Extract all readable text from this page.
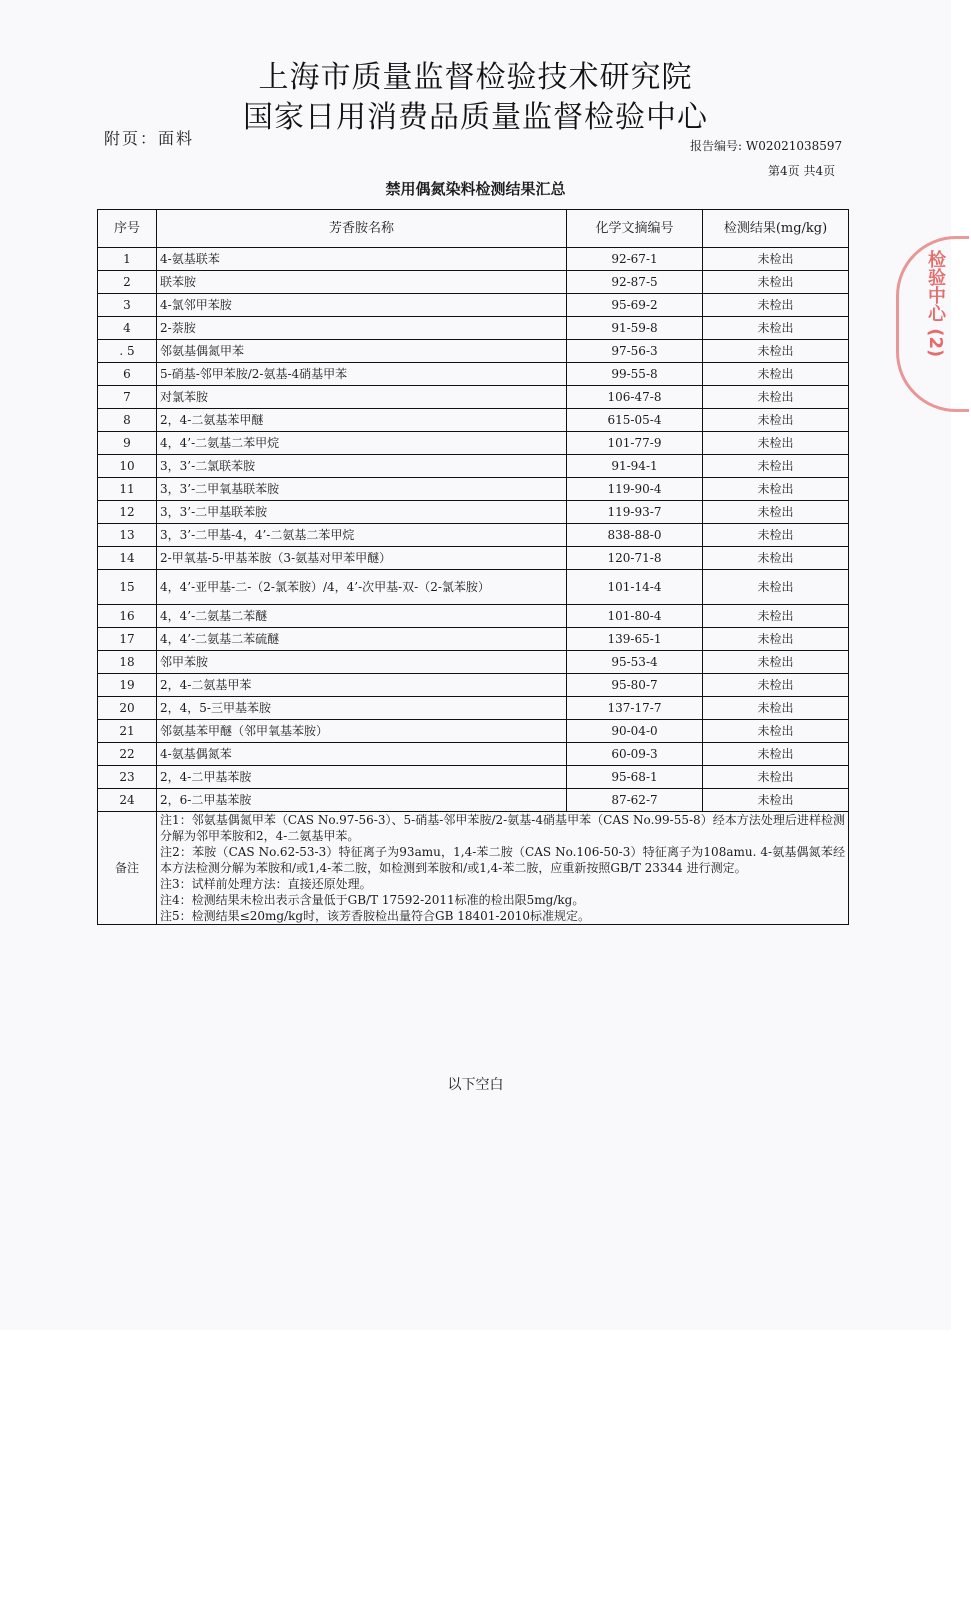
上海市质量监督检验技术研究院
国家日用消费品质量监督检验中心
附页：面料	报告编号: W02021038597
第4页 共4页
禁用偶氮染料检测结果汇总
序号	芳香胺名称	化学文摘编号	检测结果(mg/kg)
1	4-氨基联苯	92-67-1	未检出
2	联苯胺	92-87-5	未检出
3	4-氯邻甲苯胺	95-69-2	未检出
4	2-萘胺	91-59-8	未检出
. 5	邻氨基偶氮甲苯	97-56-3	未检出
6	5-硝基-邻甲苯胺/2-氨基-4硝基甲苯	99-55-8	未检出
7	对氯苯胺	106-47-8	未检出
8	2，4-二氨基苯甲醚	615-05-4	未检出
9	4，4’-二氨基二苯甲烷	101-77-9	未检出
10	3，3’-二氯联苯胺	91-94-1	未检出
11	3，3’-二甲氧基联苯胺	119-90-4	未检出
12	3，3’-二甲基联苯胺	119-93-7	未检出
13	3，3’-二甲基-4，4’-二氨基二苯甲烷	838-88-0	未检出
14	2-甲氧基-5-甲基苯胺（3-氨基对甲苯甲醚）	120-71-8	未检出
15	4，4’-亚甲基-二-（2-氯苯胺）/4，4’-次甲基-双-（2-氯苯胺）	101-14-4	未检出
16	4，4’-二氨基二苯醚	101-80-4	未检出
17	4，4’-二氨基二苯硫醚	139-65-1	未检出
18	邻甲苯胺	95-53-4	未检出
19	2，4-二氨基甲苯	95-80-7	未检出
20	2，4，5-三甲基苯胺	137-17-7	未检出
21	邻氨基苯甲醚（邻甲氧基苯胺）	90-04-0	未检出
22	4-氨基偶氮苯	60-09-3	未检出
23	2，4-二甲基苯胺	95-68-1	未检出
24	2，6-二甲基苯胺	87-62-7	未检出
备注	注1：邻氨基偶氮甲苯（CAS No.97-56-3）、5-硝基-邻甲苯胺/2-氨基-4硝基甲苯（CAS No.99-55-8）经本方法处理后进样检测分解为邻甲苯胺和2，4-二氨基甲苯。

注2：苯胺（CAS No.62-53-3）特征离子为93amu，1,4-苯二胺（CAS No.106-50-3）特征离子为108amu. 4-氨基偶氮苯经本方法检测分解为苯胺和/或1,4-苯二胺，如检测到苯胺和/或1,4-苯二胺，应重新按照GB/T 23344 进行测定。

注3：试样前处理方法：直接还原处理。

注4：检测结果未检出表示含量低于GB/T 17592-2011标准的检出限5mg/kg。

注5：检测结果≤20mg/kg时，该芳香胺检出量符合GB 18401-2010标准规定。		

以下空白
检验中心 (2)
